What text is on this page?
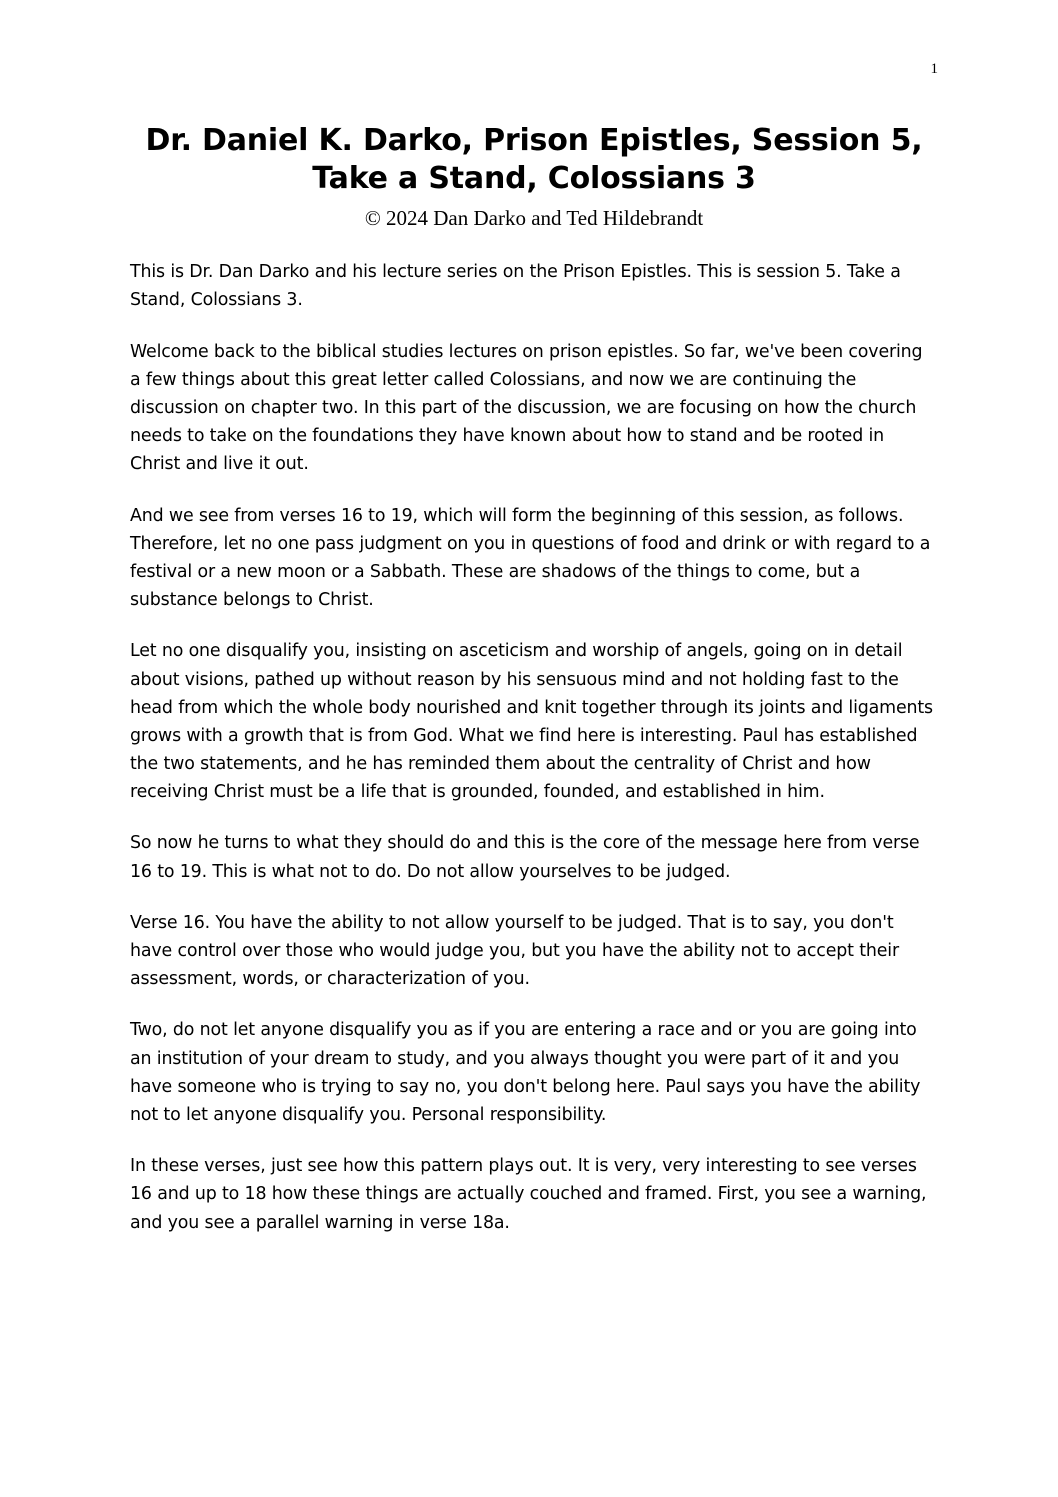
1
Dr. Daniel K. Darko, Prison Epistles, Session 5,
Take a Stand, Colossians 3
© 2024 Dan Darko and Ted Hildebrandt

This is Dr. Dan Darko and his lecture series on the Prison Epistles. This is session 5. Take a Stand, Colossians 3.

Welcome back to the biblical studies lectures on prison epistles. So far, we've been covering a few things about this great letter called Colossians, and now we are continuing the discussion on chapter two. In this part of the discussion, we are focusing on how the church needs to take on the foundations they have known about how to stand and be rooted in Christ and live it out.

And we see from verses 16 to 19, which will form the beginning of this session, as follows. Therefore, let no one pass judgment on you in questions of food and drink or with regard to a festival or a new moon or a Sabbath. These are shadows of the things to come, but a substance belongs to Christ.

Let no one disqualify you, insisting on asceticism and worship of angels, going on in detail about visions, pathed up without reason by his sensuous mind and not holding fast to the head from which the whole body nourished and knit together through its joints and ligaments grows with a growth that is from God. What we find here is interesting. Paul has established the two statements, and he has reminded them about the centrality of Christ and how receiving Christ must be a life that is grounded, founded, and established in him.

So now he turns to what they should do and this is the core of the message here from verse 16 to 19. This is what not to do. Do not allow yourselves to be judged.

Verse 16. You have the ability to not allow yourself to be judged. That is to say, you don't have control over those who would judge you, but you have the ability not to accept their assessment, words, or characterization of you.

Two, do not let anyone disqualify you as if you are entering a race and or you are going into an institution of your dream to study, and you always thought you were part of it and you have someone who is trying to say no, you don't belong here. Paul says you have the ability not to let anyone disqualify you. Personal responsibility.

In these verses, just see how this pattern plays out. It is very, very interesting to see verses 16 and up to 18 how these things are actually couched and framed. First, you see a warning, and you see a parallel warning in verse 18a.
